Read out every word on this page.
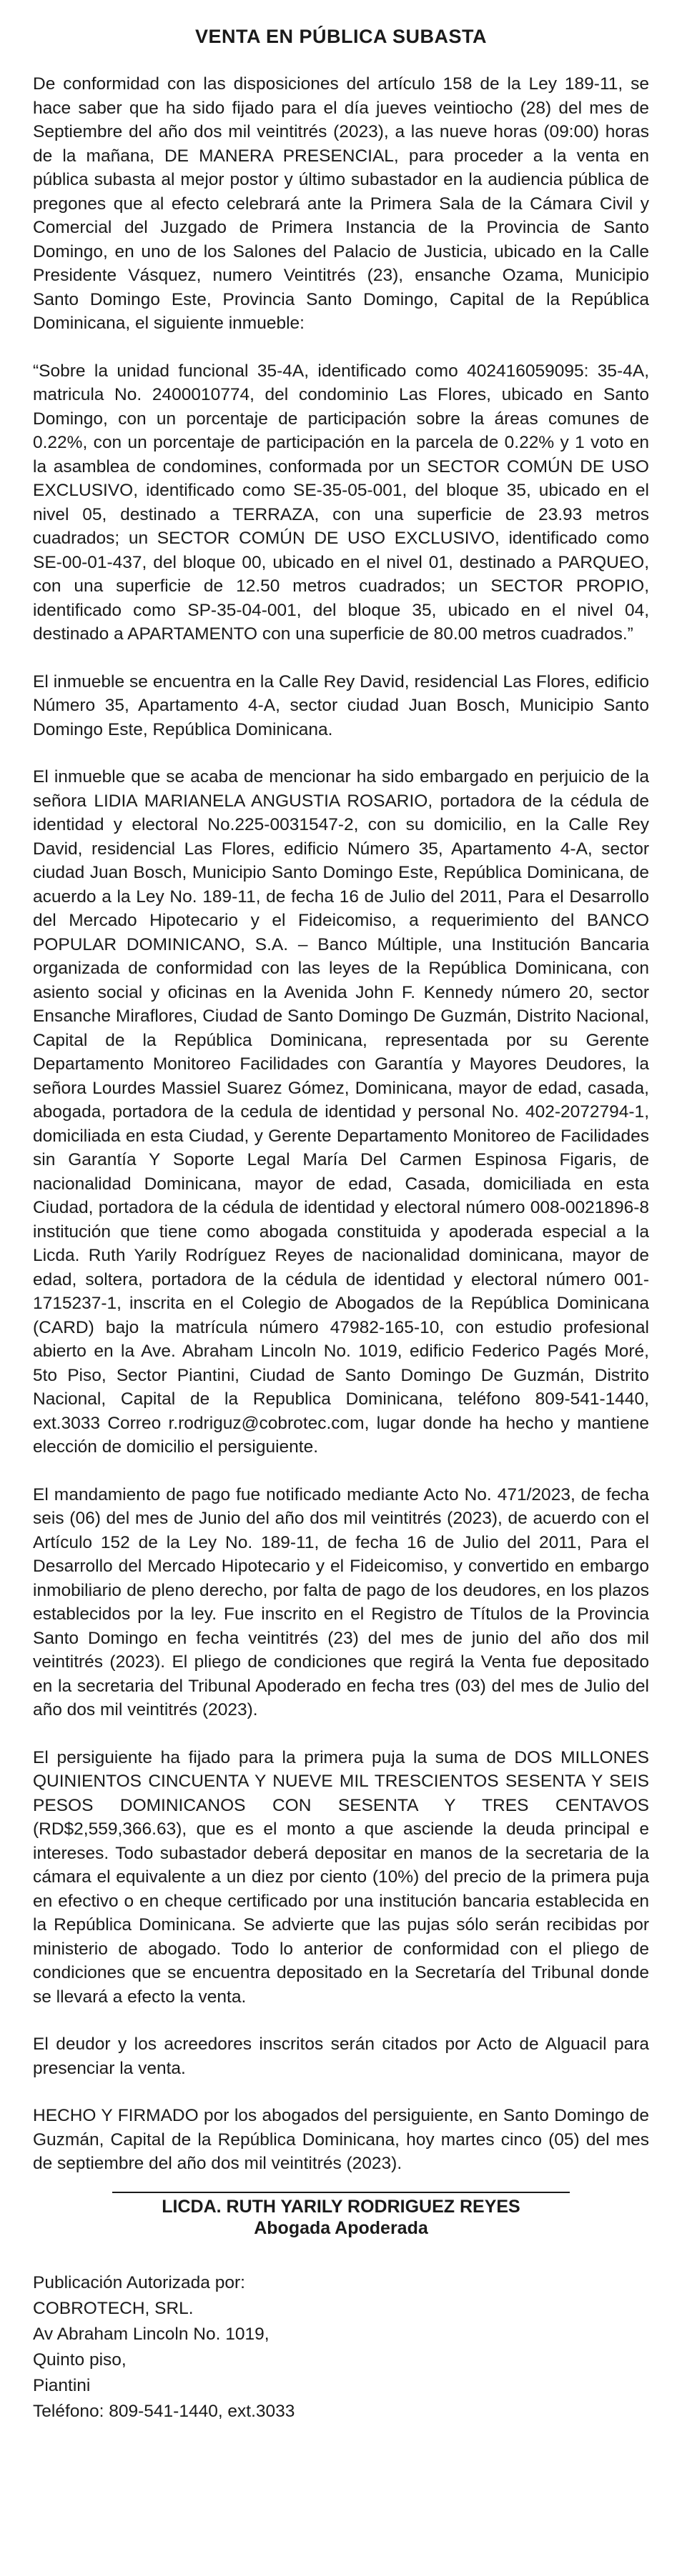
VENTA EN PÚBLICA SUBASTA

De conformidad con las disposiciones del artículo 158 de la Ley 189-11, se hace saber que ha sido fijado para el día jueves veintiocho (28) del mes de Septiembre del año dos mil veintitrés (2023), a las nueve horas (09:00) horas de la mañana, DE MANERA PRESENCIAL, para proceder a la venta en pública subasta al mejor postor y último subastador en la audiencia pública de pregones que al efecto celebrará ante la Primera Sala de la Cámara Civil y Comercial del Juzgado de Primera Instancia de la Provincia de Santo Domingo, en uno de los Salones del Palacio de Justicia, ubicado en la Calle Presidente Vásquez, numero Veintitrés (23), ensanche Ozama, Municipio Santo Domingo Este, Provincia Santo Domingo, Capital de la República Dominicana, el siguiente inmueble:

“Sobre la unidad funcional 35-4A, identificado como 402416059095: 35-4A, matricula No. 2400010774, del condominio Las Flores, ubicado en Santo Domingo, con un porcentaje de participación sobre la áreas comunes de 0.22%, con un porcentaje de participación en la parcela de 0.22% y 1 voto en la asamblea de condomines, conformada por un SECTOR COMÚN DE USO EXCLUSIVO, identificado como SE-35-05-001, del bloque 35, ubicado en el nivel 05, destinado a TERRAZA, con una superficie de 23.93 metros cuadrados; un SECTOR COMÚN DE USO EXCLUSIVO, identificado como SE-00-01-437, del bloque 00, ubicado en el nivel 01, destinado a PARQUEO, con una superficie de 12.50 metros cuadrados; un SECTOR PROPIO, identificado como SP-35-04-001, del bloque 35, ubicado en el nivel 04, destinado a APARTAMENTO con una superficie de 80.00 metros cuadrados.”

El inmueble se encuentra en la Calle Rey David, residencial Las Flores, edificio Número 35, Apartamento 4-A, sector ciudad Juan Bosch, Municipio Santo Domingo Este, República Dominicana.

El inmueble que se acaba de mencionar ha sido embargado en perjuicio de la señora LIDIA MARIANELA ANGUSTIA ROSARIO, portadora de la cédula de identidad y electoral No.225-0031547-2, con su domicilio, en la Calle Rey David, residencial Las Flores, edificio Número 35, Apartamento 4-A, sector ciudad Juan Bosch, Municipio Santo Domingo Este, República Dominicana, de acuerdo a la Ley No. 189-11, de fecha 16 de Julio del 2011, Para el Desarrollo del Mercado Hipotecario y el Fideicomiso, a requerimiento del BANCO POPULAR DOMINICANO, S.A. – Banco Múltiple, una Institución Bancaria organizada de conformidad con las leyes de la República Dominicana, con asiento social y oficinas en la Avenida John F. Kennedy número 20, sector Ensanche Miraflores, Ciudad de Santo Domingo De Guzmán, Distrito Nacional, Capital de la República Dominicana, representada por su Gerente Departamento Monitoreo Facilidades con Garantía y Mayores Deudores, la señora Lourdes Massiel Suarez Gómez, Dominicana, mayor de edad, casada, abogada, portadora de la cedula de identidad y personal No. 402-2072794-1, domiciliada en esta Ciudad, y Gerente Departamento Monitoreo de Facilidades sin Garantía Y Soporte Legal María Del Carmen Espinosa Figaris, de nacionalidad Dominicana, mayor de edad, Casada, domiciliada en esta Ciudad, portadora de la cédula de identidad y electoral número 008-0021896-8 institución que tiene como abogada constituida y apoderada especial a la Licda. Ruth Yarily Rodríguez Reyes de nacionalidad dominicana, mayor de edad, soltera, portadora de la cédula de identidad y electoral número 001-1715237-1, inscrita en el Colegio de Abogados de la República Dominicana (CARD) bajo la matrícula número 47982-165-10, con estudio profesional abierto en la Ave. Abraham Lincoln No. 1019, edificio Federico Pagés Moré, 5to Piso, Sector Piantini, Ciudad de Santo Domingo De Guzmán, Distrito Nacional, Capital de la Republica Dominicana, teléfono 809-541-1440, ext.3033 Correo r.rodriguz@cobrotec.com, lugar donde ha hecho y mantiene elección de domicilio el persiguiente.

El mandamiento de pago fue notificado mediante Acto No. 471/2023, de fecha seis (06) del mes de Junio del año dos mil veintitrés (2023), de acuerdo con el Artículo 152 de la Ley No. 189-11, de fecha 16 de Julio del 2011, Para el Desarrollo del Mercado Hipotecario y el Fideicomiso, y convertido en embargo inmobiliario de pleno derecho, por falta de pago de los deudores, en los plazos establecidos por la ley. Fue inscrito en el Registro de Títulos de la Provincia Santo Domingo en fecha veintitrés (23) del mes de junio del año dos mil veintitrés (2023). El pliego de condiciones que regirá la Venta fue depositado en la secretaria del Tribunal Apoderado en fecha tres (03) del mes de Julio del año dos mil veintitrés (2023).

El persiguiente ha fijado para la primera puja la suma de DOS MILLONES QUINIENTOS CINCUENTA Y NUEVE MIL TRESCIENTOS SESENTA Y SEIS PESOS DOMINICANOS CON SESENTA Y TRES CENTAVOS (RD$2,559,366.63), que es el monto a que asciende la deuda principal e intereses. Todo subastador deberá depositar en manos de la secretaria de la cámara el equivalente a un diez por ciento (10%) del precio de la primera puja en efectivo o en cheque certificado por una institución bancaria establecida en la República Dominicana. Se advierte que las pujas sólo serán recibidas por ministerio de abogado. Todo lo anterior de conformidad con el pliego de condiciones que se encuentra depositado en la Secretaría del Tribunal donde se llevará a efecto la venta.

El deudor y los acreedores inscritos serán citados por Acto de Alguacil para presenciar la venta.

HECHO Y FIRMADO por los abogados del persiguiente, en Santo Domingo de Guzmán, Capital de la República Dominicana, hoy martes cinco (05) del mes de septiembre del año dos mil veintitrés (2023).

LICDA. RUTH YARILY RODRIGUEZ REYES
Abogada Apoderada
Publicación Autorizada por:
COBROTECH, SRL.
Av Abraham Lincoln No. 1019,
Quinto piso,
Piantini
Teléfono: 809-541-1440, ext.3033
